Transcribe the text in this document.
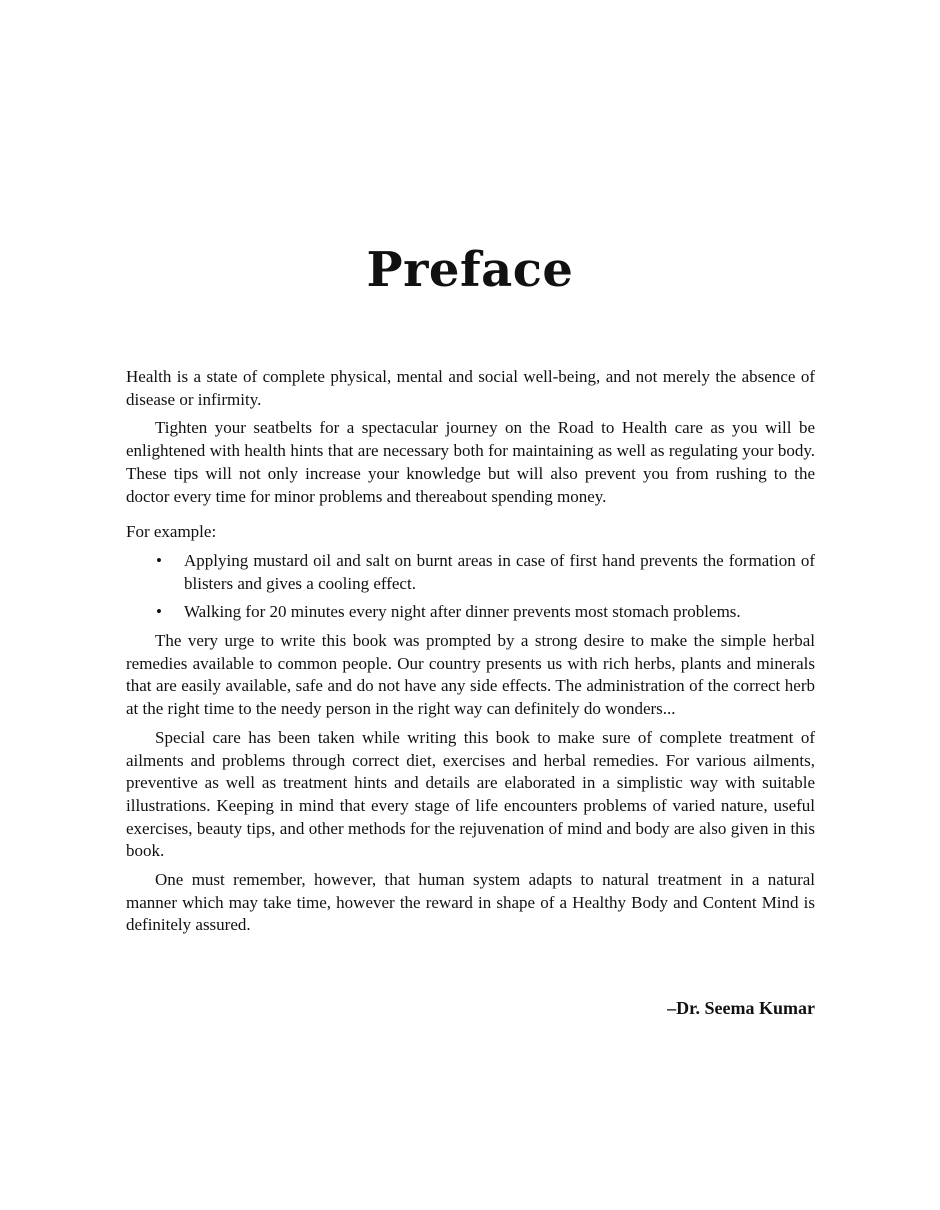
Preface

Health is a state of complete physical, mental and social well-being, and not merely the absence of disease or infirmity.

Tighten your seatbelts for a spectacular journey on the Road to Health care as you will be enlightened with health hints that are necessary both for maintaining as well as regulating your body. These tips will not only increase your knowledge but will also prevent you from rushing to the doctor every time for minor problems and thereabout spending money.

For example:

• Applying mustard oil and salt on burnt areas in case of first hand prevents the formation of blisters and gives a cooling effect.
• Walking for 20 minutes every night after dinner prevents most stomach problems.

The very urge to write this book was prompted by a strong desire to make the simple herbal remedies available to common people. Our country presents us with rich herbs, plants and minerals that are easily available, safe and do not have any side effects. The administration of the correct herb at the right time to the needy person in the right way can definitely do wonders...

Special care has been taken while writing this book to make sure of complete treatment of ailments and problems through correct diet, exercises and herbal remedies. For various ailments, preventive as well as treatment hints and details are elaborated in a simplistic way with suitable illustrations. Keeping in mind that every stage of life encounters problems of varied nature, useful exercises, beauty tips, and other methods for the rejuvenation of mind and body are also given in this book.

One must remember, however, that human system adapts to natural treatment in a natural manner which may take time, however the reward in shape of a Healthy Body and Content Mind is definitely assured.

–Dr. Seema Kumar
